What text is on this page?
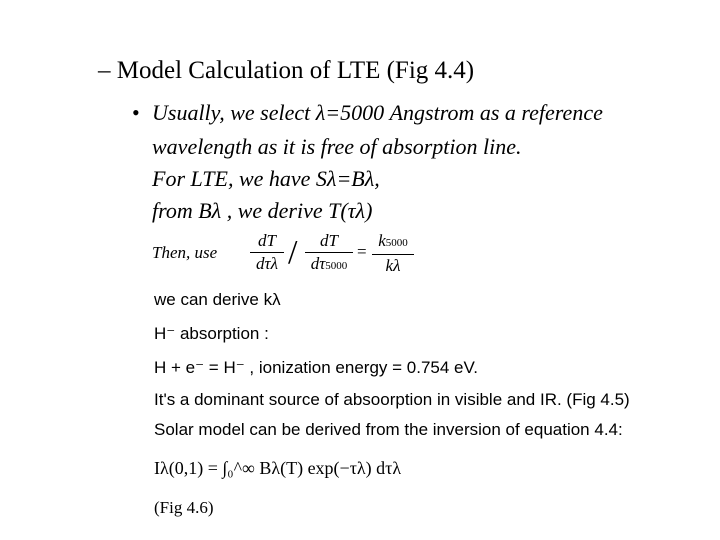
– Model Calculation of LTE (Fig 4.4)
• Usually, we select λ=5000 Angstrom as a reference
wavelength as it is free of absorption line.
For LTE, we have Sλ=Bλ,
from Bλ , we derive T(τλ)
Then, use
dT
dτλ /	dT
dτ5000
=
k5000
kλ
we can derive kλ
H⁻ absorption :
H + e⁻ = H⁻ , ionization energy = 0.754 eV.
It's a dominant source of absoorption in visible and IR. (Fig 4.5)
Solar model can be derived from the inversion of equation 4.4:
Iλ(0,1) = ∫₀^∞ Bλ(T) exp(−τλ) dτλ
(Fig 4.6)
